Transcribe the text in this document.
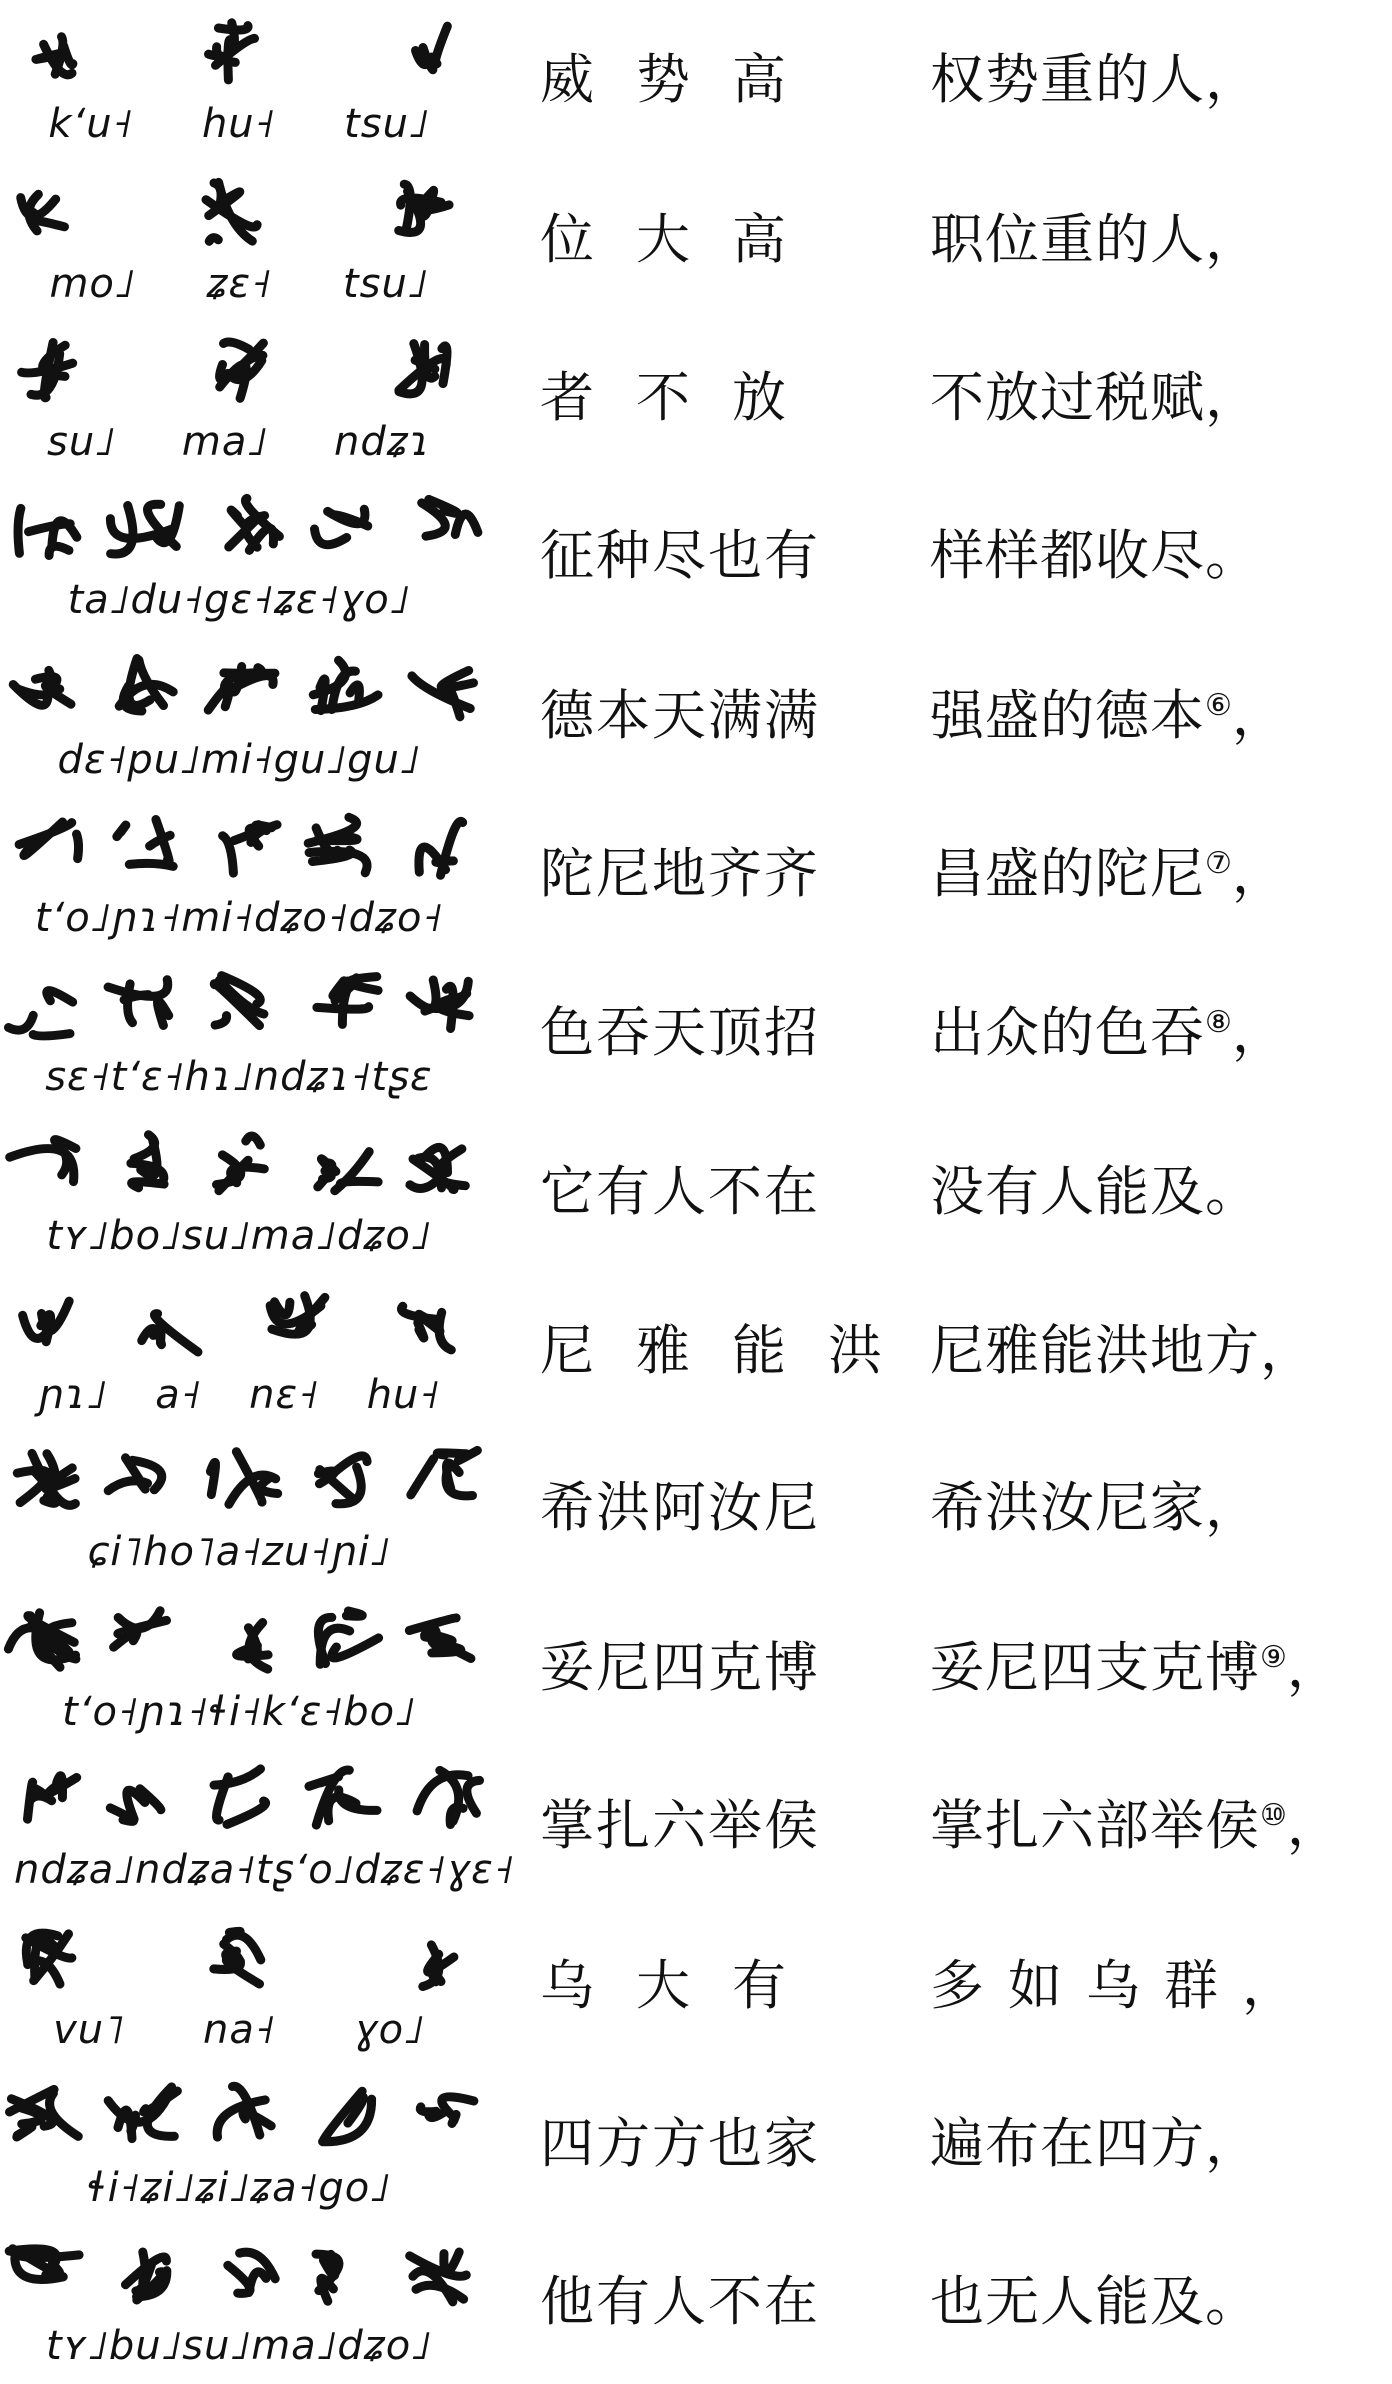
kʻu˧ hu˧ tsu˩
威势高	权势重的人，
mo˩ ʑɛ˧ tsu˩
位大高	职位重的人，
su˩ ma˩ ndʑɿ
者不放	不放过税赋，
ta˩du˧gɛ˧ʑɛ˧ɣo˩
征种尽也有	样样都收尽。
dɛ˧pu˩mi˧gu˩gu˩
德本天满满	强盛的德本⑥，
tʻo˩ɲɿ˧mi˧dʑo˧dʑo˧
陀尼地齐齐	昌盛的陀尼⑦，
sɛ˧tʻɛ˧hɿ˩ndʑɿ˧tʂɛ
色吞天顶招	出众的色吞⑧，
tʏ˩bo˩su˩ma˩dʑo˩
它有人不在	没有人能及。
ɲɿ˩ a˧ nɛ˧ hu˧
尼雅能洪 尼雅能洪地方，
ɕi˥ho˥a˧zu˧ɲi˩
希洪阿汝尼	希洪汝尼家，
tʻo˧ɲɿ˧ɬi˧kʻɛ˧bo˩
妥尼四克博	妥尼四支克博⑨，
ndʑa˩ndʑa˧tʂʻo˩dʑɛ˧ɣɛ˧
掌扎六举侯	掌扎六部举侯⑩，
vu˥ na˧ ɣo˩
乌大有	多如乌群，
ɬi˧ʑi˩ʑi˩ʑa˧go˩
四方方也家	遍布在四方，
tʏ˩bu˩su˩ma˩dʑo˩
他有人不在	也无人能及。
